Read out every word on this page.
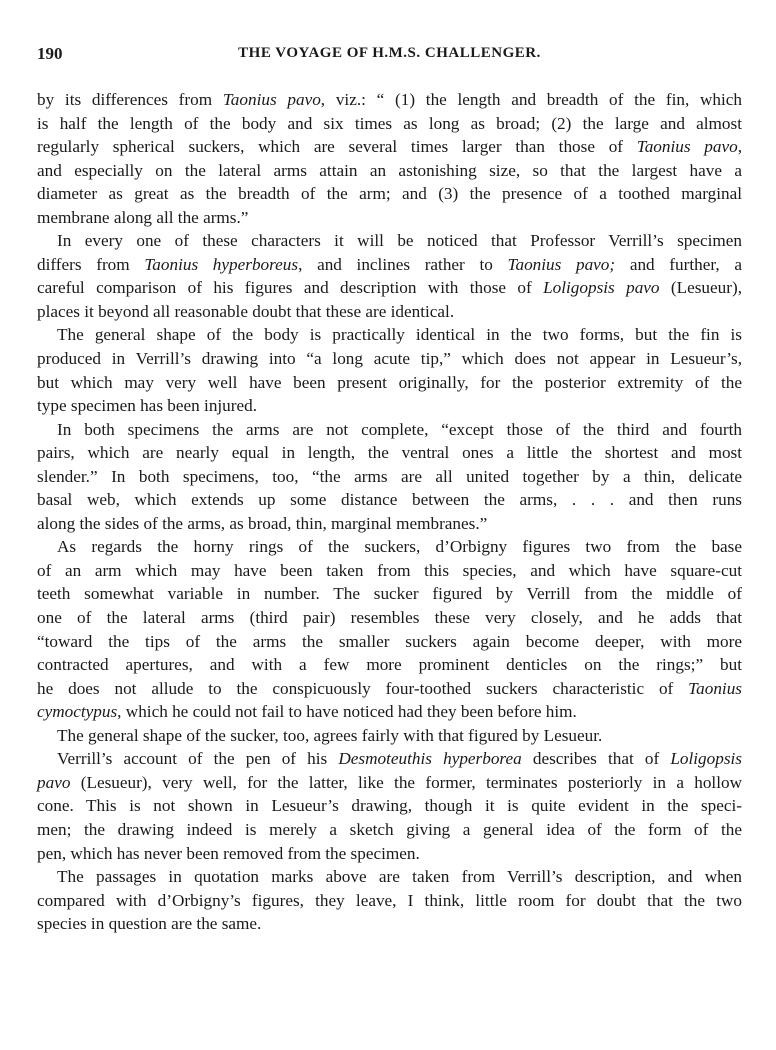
190	THE VOYAGE OF H.M.S. CHALLENGER.
by its differences from Taonius pavo, viz.: “ (1) the length and breadth of the fin, which
is half the length of the body and six times as long as broad; (2) the large and almost
regularly spherical suckers, which are several times larger than those of Taonius pavo,
and especially on the lateral arms attain an astonishing size, so that the largest have a
diameter as great as the breadth of the arm; and (3) the presence of a toothed marginal
membrane along all the arms.”
In every one of these characters it will be noticed that Professor Verrill’s specimen
differs from Taonius hyperboreus, and inclines rather to Taonius pavo; and further, a
careful comparison of his figures and description with those of Loligopsis pavo (Lesueur),
places it beyond all reasonable doubt that these are identical.
The general shape of the body is practically identical in the two forms, but the fin is
produced in Verrill’s drawing into “a long acute tip,” which does not appear in Lesueur’s,
but which may very well have been present originally, for the posterior extremity of the
type specimen has been injured.
In both specimens the arms are not complete, “except those of the third and fourth
pairs, which are nearly equal in length, the ventral ones a little the shortest and most
slender.” In both specimens, too, “the arms are all united together by a thin, delicate
basal web, which extends up some distance between the arms, . . . and then runs
along the sides of the arms, as broad, thin, marginal membranes.”
As regards the horny rings of the suckers, d’Orbigny figures two from the base
of an arm which may have been taken from this species, and which have square-cut
teeth somewhat variable in number. The sucker figured by Verrill from the middle of
one of the lateral arms (third pair) resembles these very closely, and he adds that
“toward the tips of the arms the smaller suckers again become deeper, with more
contracted apertures, and with a few more prominent denticles on the rings;” but
he does not allude to the conspicuously four-toothed suckers characteristic of Taonius
cymoctypus, which he could not fail to have noticed had they been before him.
The general shape of the sucker, too, agrees fairly with that figured by Lesueur.
Verrill’s account of the pen of his Desmoteuthis hyperborea describes that of Loligopsis
pavo (Lesueur), very well, for the latter, like the former, terminates posteriorly in a hollow
cone. This is not shown in Lesueur’s drawing, though it is quite evident in the speci-
men; the drawing indeed is merely a sketch giving a general idea of the form of the
pen, which has never been removed from the specimen.
The passages in quotation marks above are taken from Verrill’s description, and when
compared with d’Orbigny’s figures, they leave, I think, little room for doubt that the two
species in question are the same.
